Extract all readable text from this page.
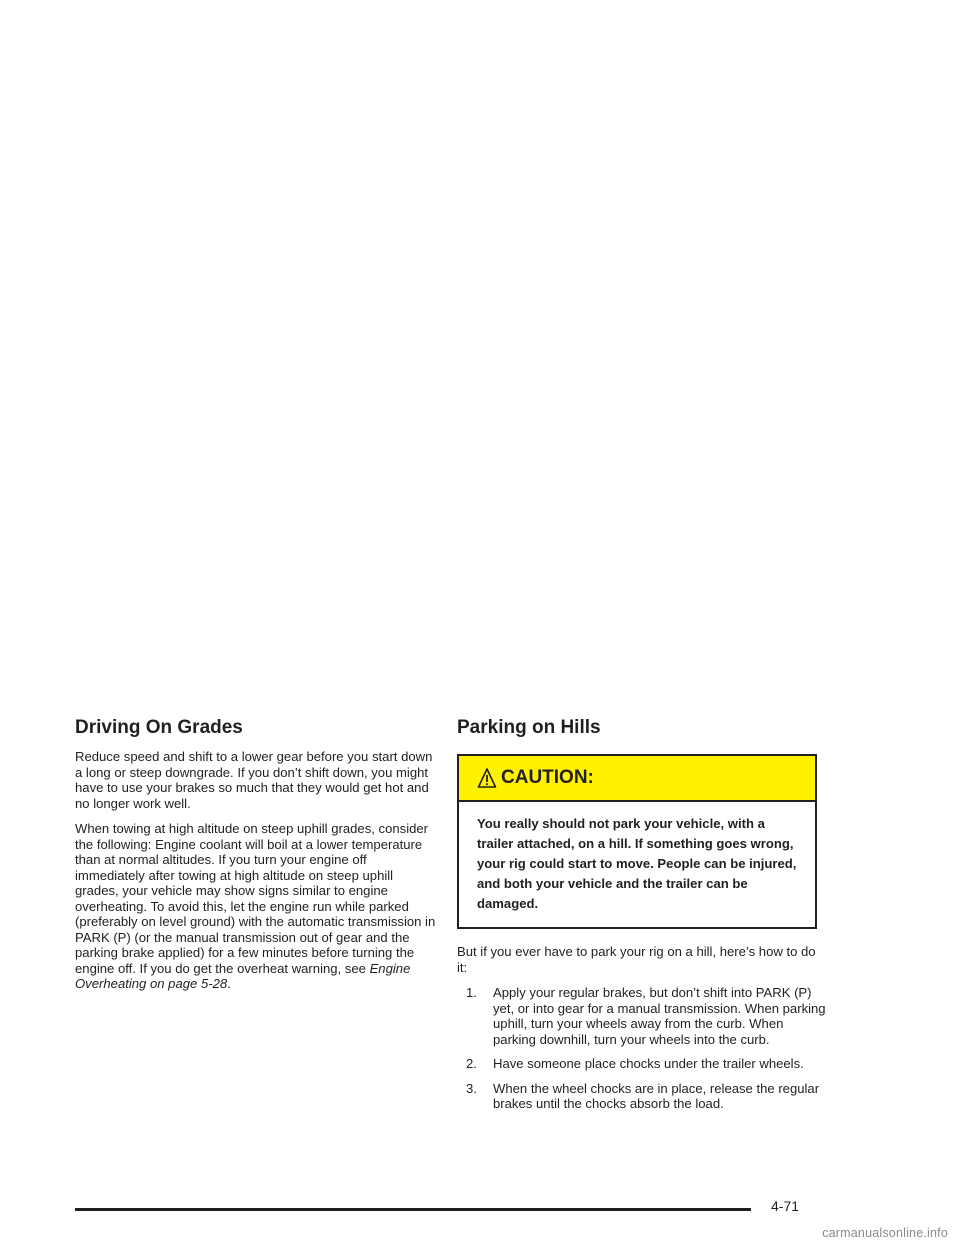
Driving On Grades

Reduce speed and shift to a lower gear before you start down a long or steep downgrade. If you don’t shift down, you might have to use your brakes so much that they would get hot and no longer work well.

When towing at high altitude on steep uphill grades, consider the following: Engine coolant will boil at a lower temperature than at normal altitudes. If you turn your engine off immediately after towing at high altitude on steep uphill grades, your vehicle may show signs similar to engine overheating. To avoid this, let the engine run while parked (preferably on level ground) with the automatic transmission in PARK (P) (or the manual transmission out of gear and the parking brake applied) for a few minutes before turning the engine off. If you do get the overheat warning, see Engine Overheating on page 5-28.

Parking on Hills
CAUTION:
You really should not park your vehicle, with a trailer attached, on a hill. If something goes wrong, your rig could start to move. People can be injured, and both your vehicle and the trailer can be damaged.

But if you ever have to park your rig on a hill, here’s how to do it:

1. Apply your regular brakes, but don’t shift into PARK (P) yet, or into gear for a manual transmission. When parking uphill, turn your wheels away from the curb. When parking downhill, turn your wheels into the curb.
2. Have someone place chocks under the trailer wheels.
3. When the wheel chocks are in place, release the regular brakes until the chocks absorb the load.
4-71
carmanualsonline.info
